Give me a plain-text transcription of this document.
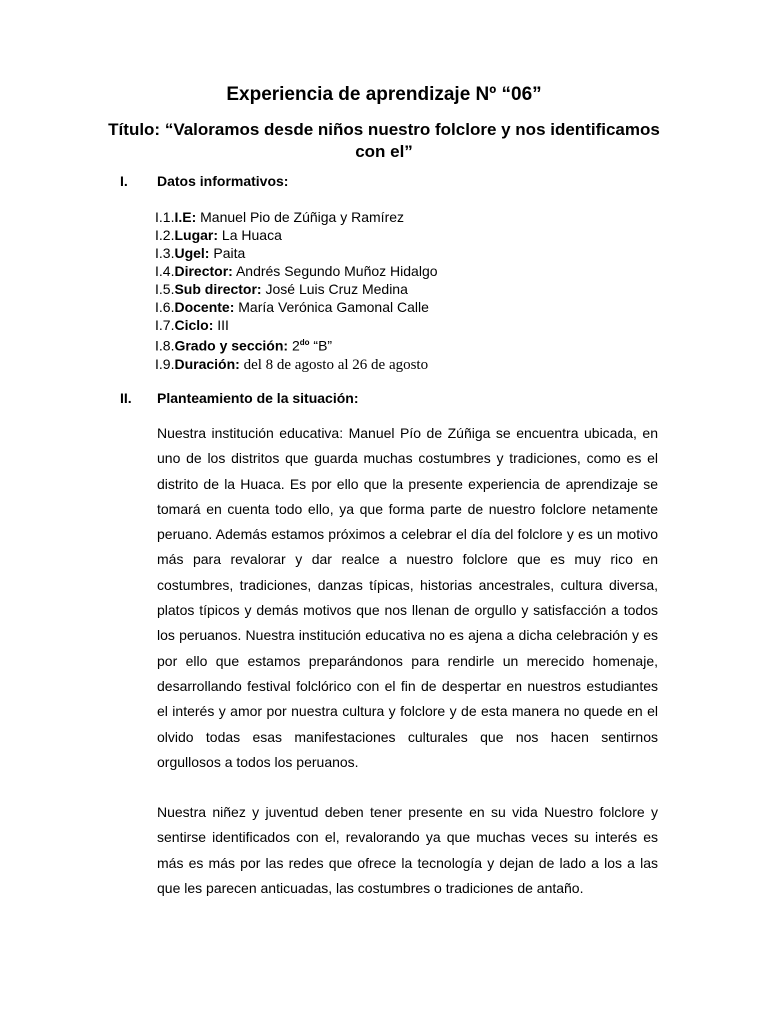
Experiencia de aprendizaje Nº “06”
Título: “Valoramos desde niños nuestro folclore y nos identificamos con el”
I. Datos informativos:
I.1.I.E: Manuel Pio de Zúñiga y Ramírez
I.2.Lugar: La Huaca
I.3.Ugel: Paita
I.4.Director: Andrés Segundo Muñoz Hidalgo
I.5.Sub director: José Luis Cruz Medina
I.6.Docente: María Verónica Gamonal Calle
I.7.Ciclo: III
I.8.Grado y sección: $2^{do}$ “B”
I.9.Duración: del 8 de agosto al 26 de agosto
II. Planteamiento de la situación:

Nuestra institución educativa: Manuel Pío de Zúñiga se encuentra ubicada, en uno de los distritos que guarda muchas costumbres y tradiciones, como es el distrito de la Huaca. Es por ello que la presente experiencia de aprendizaje se tomará en cuenta todo ello, ya que forma parte de nuestro folclore netamente peruano. Además estamos próximos a celebrar el día del folclore y es un motivo más para revalorar y dar realce a nuestro folclore que es muy rico en costumbres, tradiciones, danzas típicas, historias ancestrales, cultura diversa, platos típicos y demás motivos que nos llenan de orgullo y satisfacción a todos los peruanos. Nuestra institución educativa no es ajena a dicha celebración y es por ello que estamos preparándonos para rendirle un merecido homenaje, desarrollando festival folclórico con el fin de despertar en nuestros estudiantes el interés y amor por nuestra cultura y folclore y de esta manera no quede en el olvido todas esas manifestaciones culturales que nos hacen sentirnos orgullosos a todos los peruanos.

Nuestra niñez y juventud deben tener presente en su vida Nuestro folclore y sentirse identificados con el, revalorando ya que muchas veces su interés es más es más por las redes que ofrece la tecnología y dejan de lado a los a las que les parecen anticuadas, las costumbres o tradiciones de antaño.
